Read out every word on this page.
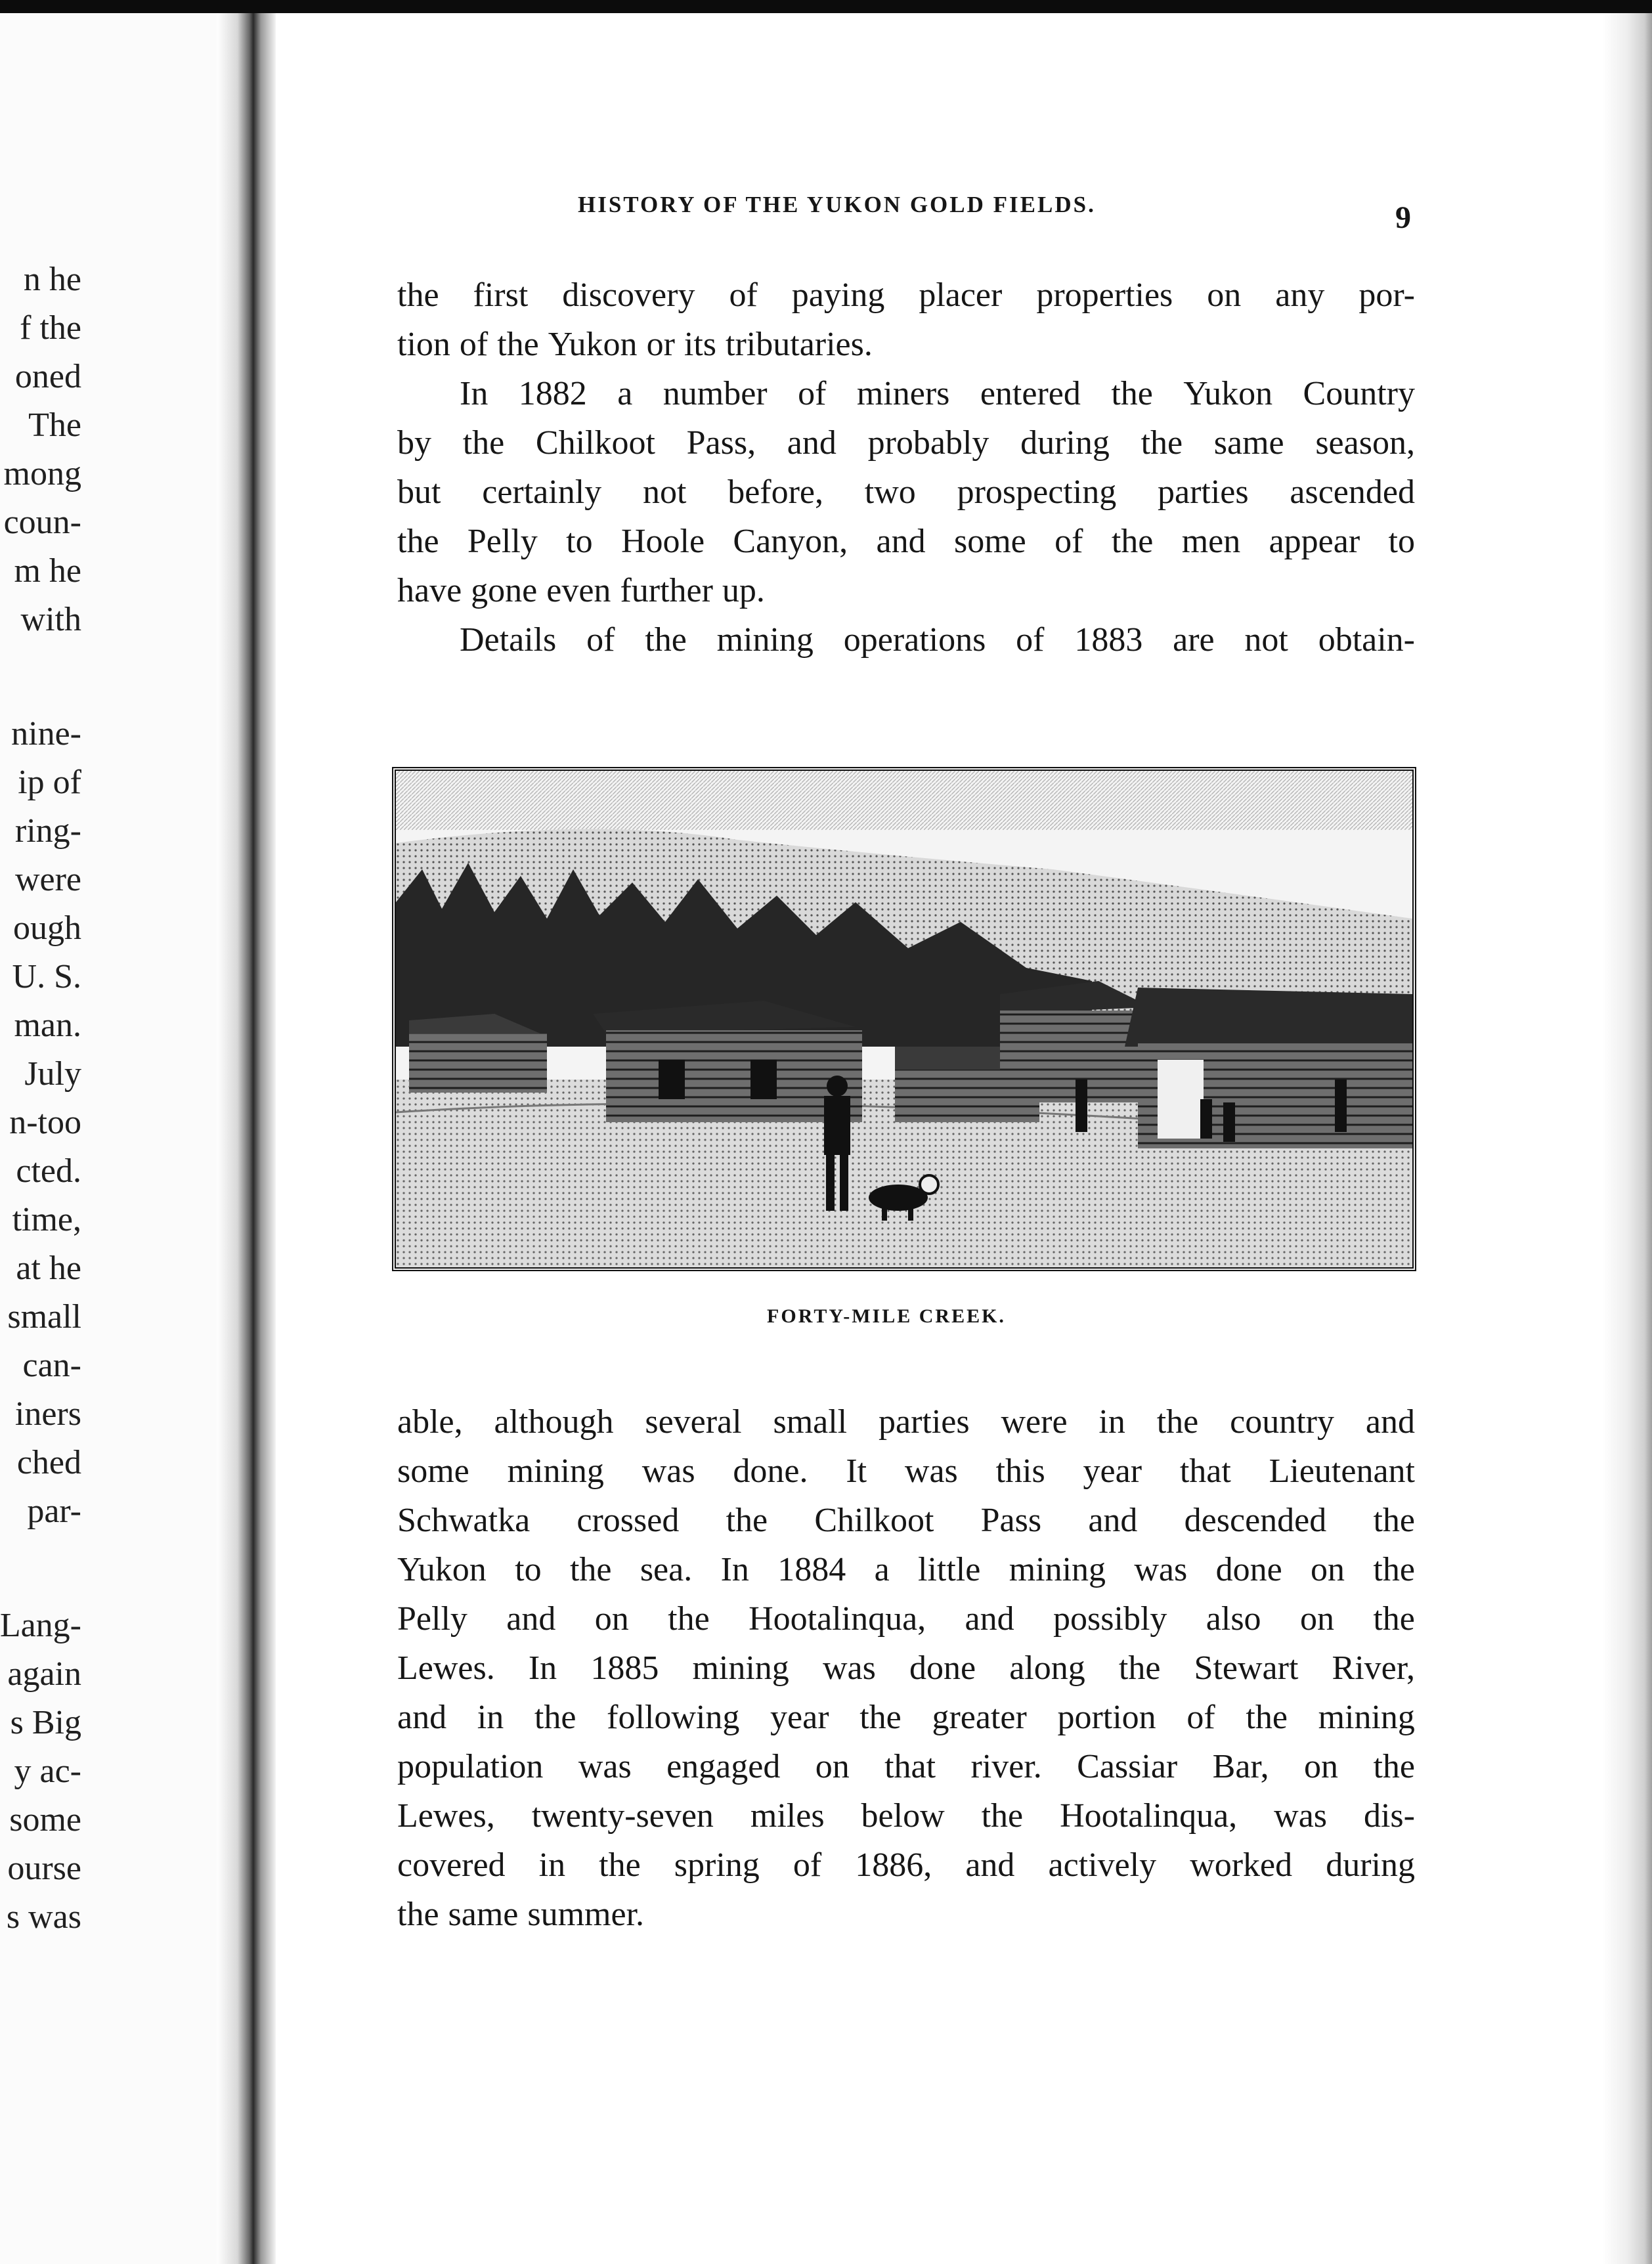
n he
f the
oned
The
mong
coun-
m he
with
nine-
ip of
ring-
were
ough
U. S.
man.
July
n-too
cted.
time,
at he
small
can-
iners
ched
par-
Lang-
again
s Big
y ac-
some
ourse
s was
HISTORY OF THE YUKON GOLD FIELDS.	9
the first discovery of paying placer properties on any por-
tion of the Yukon or its tributaries.
In 1882 a number of miners entered the Yukon Country
by the Chilkoot Pass, and probably during the same season,
but certainly not before, two prospecting parties ascended
the Pelly to Hoole Canyon, and some of the men appear to
have gone even further up.
Details of the mining operations of 1883 are not obtain-
FORTY-MILE CREEK.
able, although several small parties were in the country and
some mining was done. It was this year that Lieutenant
Schwatka crossed the Chilkoot Pass and descended the
Yukon to the sea. In 1884 a little mining was done on the
Pelly and on the Hootalinqua, and possibly also on the
Lewes. In 1885 mining was done along the Stewart River,
and in the following year the greater portion of the mining
population was engaged on that river. Cassiar Bar, on the
Lewes, twenty-seven miles below the Hootalinqua, was dis-
covered in the spring of 1886, and actively worked during
the same summer.
